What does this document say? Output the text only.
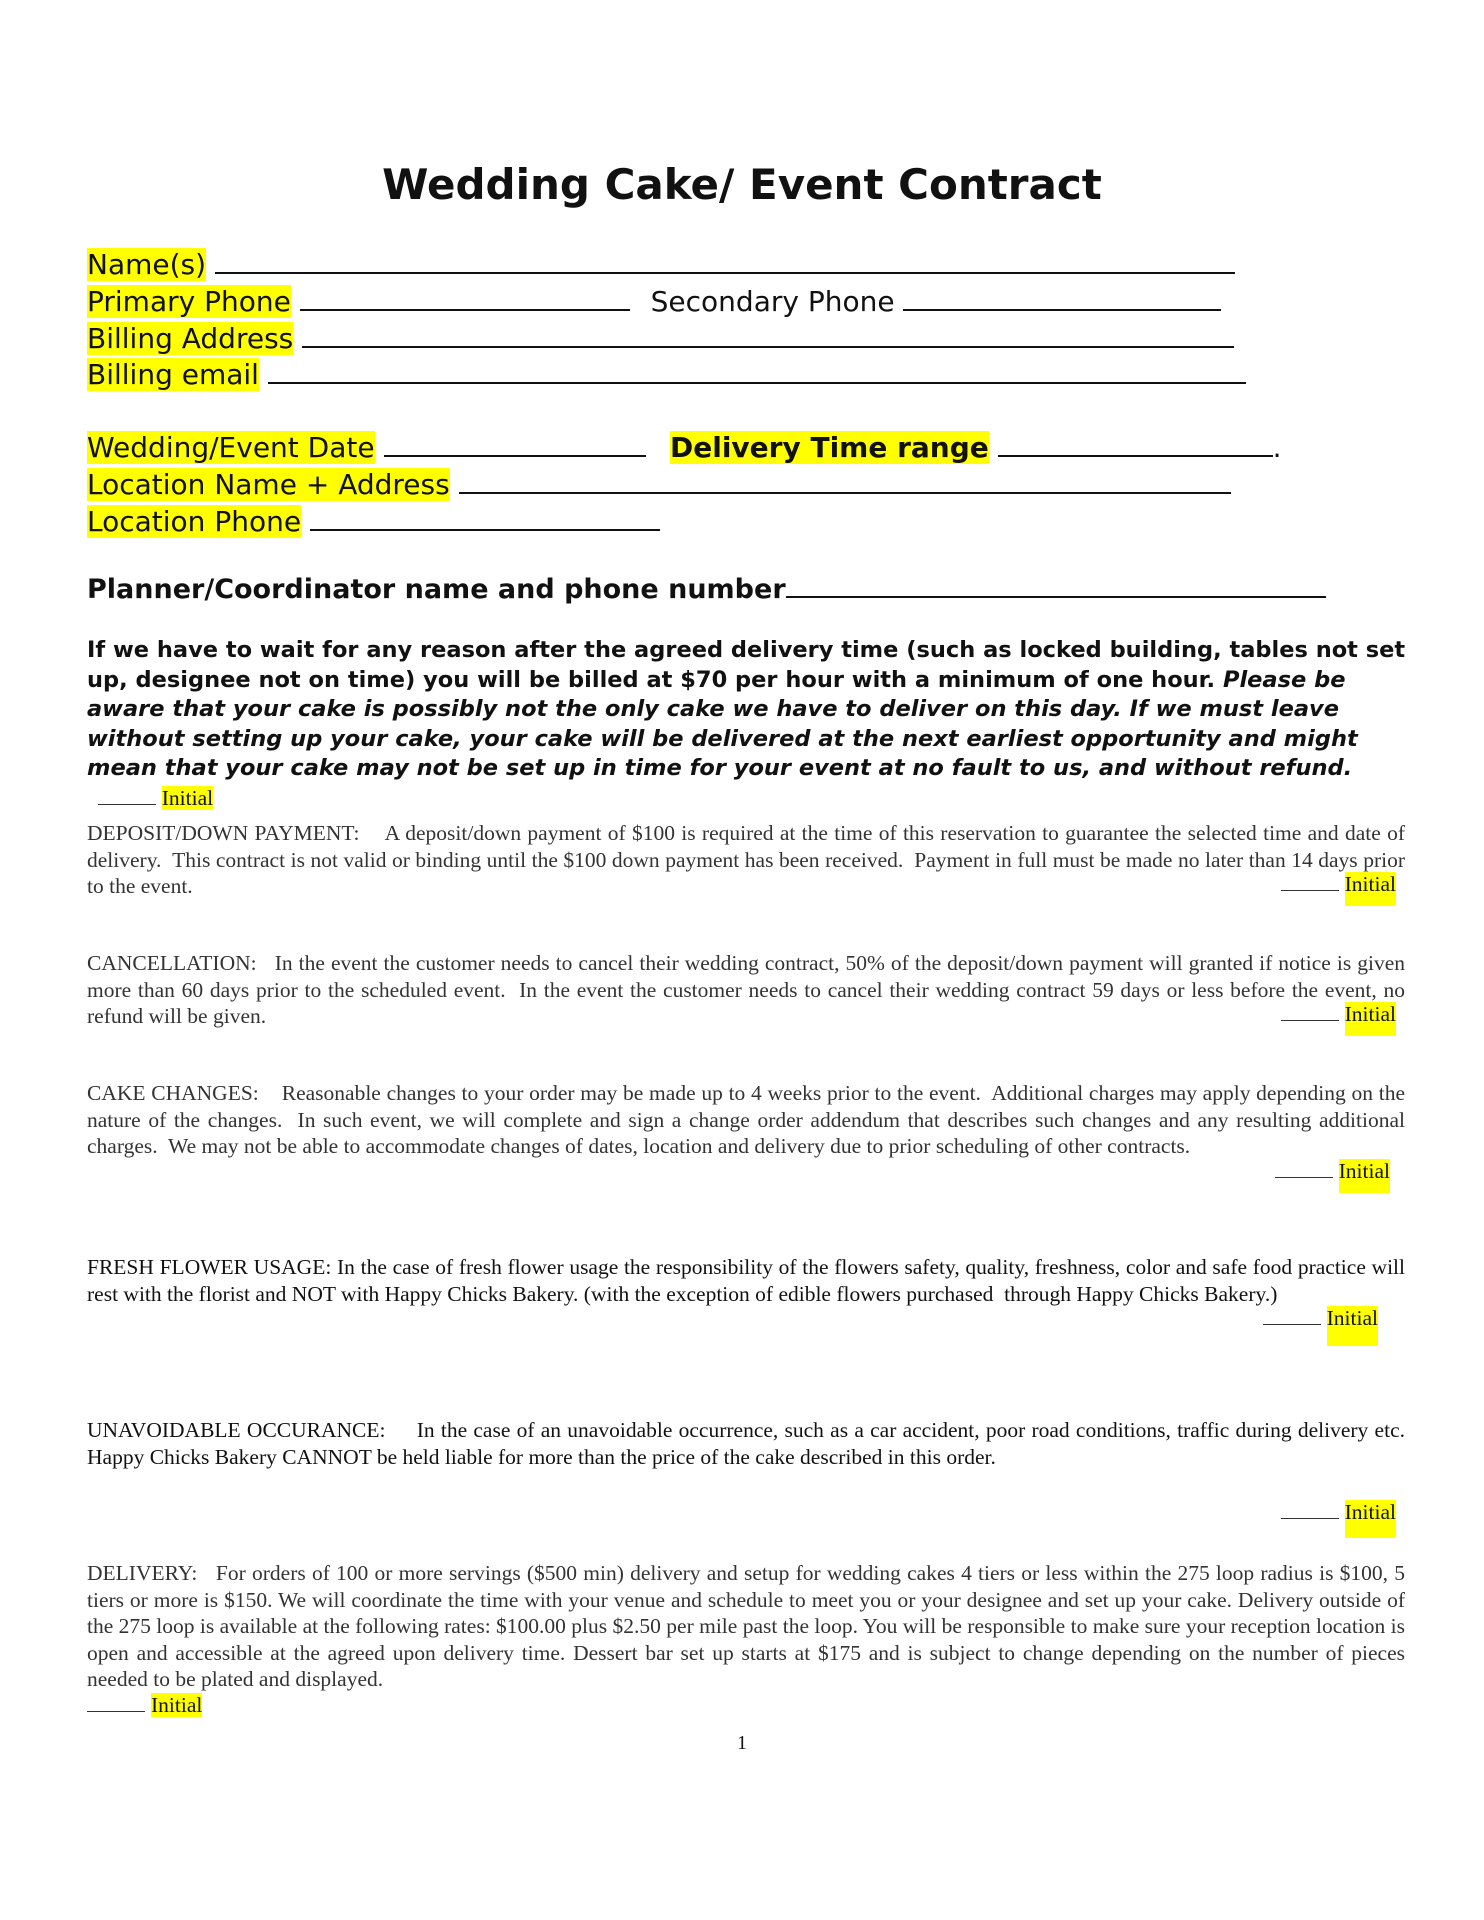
Wedding Cake/ Event Contract
Name(s)
Primary Phone	Secondary Phone
Billing Address
Billing email
Wedding/Event Date	Delivery Time range	.
Location Name + Address
Location Phone
Planner/Coordinator name and phone number
If we have to wait for any reason after the agreed delivery time (such as locked building, tables not set up, designee not on time) you will be billed at $70 per hour with a minimum of one hour. Please be aware that your cake is possibly not the only cake we have to deliver on this day. If we must leave without setting up your cake, your cake will be delivered at the next earliest opportunity and might mean that your cake may not be set up in time for your event at no fault to us, and without refund.   Initial
DEPOSIT/DOWN PAYMENT:    A deposit/down payment of $100 is required at the time of this reservation to guarantee the selected time and date of delivery.  This contract is not valid or binding until the $100 down payment has been received.  Payment in full must be made no later than 14 days prior to the event.	Initial
CANCELLATION:   In the event the customer needs to cancel their wedding contract, 50% of the deposit/down payment will granted if notice is given more than 60 days prior to the scheduled event.  In the event the customer needs to cancel their wedding contract 59 days or less before the event, no refund will be given.	Initial
CAKE CHANGES:    Reasonable changes to your order may be made up to 4 weeks prior to the event.  Additional charges may apply depending on the nature of the changes.  In such event, we will complete and sign a change order addendum that describes such changes and any resulting additional charges.  We may not be able to accommodate changes of dates, location and delivery due to prior scheduling of other contracts.
Initial
FRESH FLOWER USAGE: In the case of fresh flower usage the responsibility of the flowers safety, quality, freshness, color and safe food practice will rest with the florist and NOT with Happy Chicks Bakery. (with the exception of edible flowers purchased  through Happy Chicks Bakery.)
Initial
UNAVOIDABLE OCCURANCE:     In the case of an unavoidable occurrence, such as a car accident, poor road conditions, traffic during delivery etc. Happy Chicks Bakery CANNOT be held liable for more than the price of the cake described in this order.
Initial
DELIVERY:   For orders of 100 or more servings ($500 min) delivery and setup for wedding cakes 4 tiers or less within the 275 loop radius is $100, 5 tiers or more is $150. We will coordinate the time with your venue and schedule to meet you or your designee and set up your cake. Delivery outside of the 275 loop is available at the following rates: $100.00 plus $2.50 per mile past the loop. You will be responsible to make sure your reception location is open and accessible at the agreed upon delivery time. Dessert bar set up starts at $175 and is subject to change depending on the number of pieces needed to be plated and displayed.
Initial
1
